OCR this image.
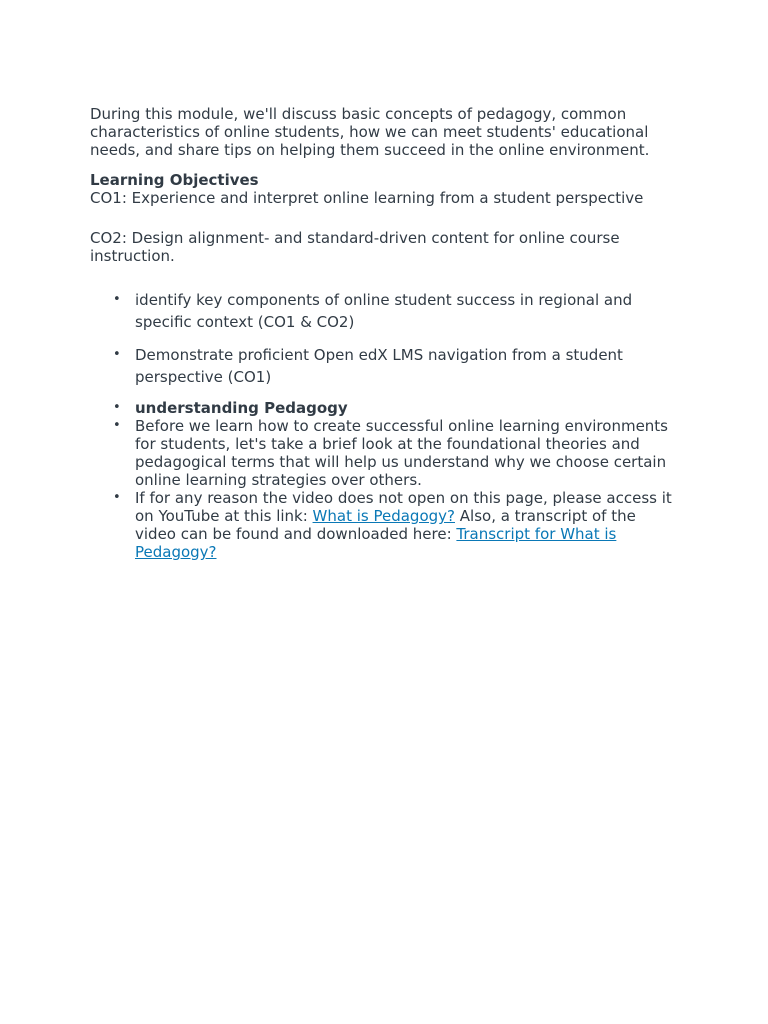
During this module, we'll discuss basic concepts of pedagogy, common characteristics of online students, how we can meet students' educational needs, and share tips on helping them succeed in the online environment.

Learning Objectives

CO1: Experience and interpret online learning from a student perspective

CO2: Design alignment- and standard-driven content for online course instruction.

• identify key components of online student success in regional and specific context (CO1 & CO2)
• Demonstrate proficient Open edX LMS navigation from a student perspective (CO1)
• understanding Pedagogy
• Before we learn how to create successful online learning environments for students, let's take a brief look at the foundational theories and pedagogical terms that will help us understand why we choose certain online learning strategies over others.
• If for any reason the video does not open on this page, please access it on YouTube at this link: What is Pedagogy? Also, a transcript of the video can be found and downloaded here: Transcript for What is Pedagogy?
